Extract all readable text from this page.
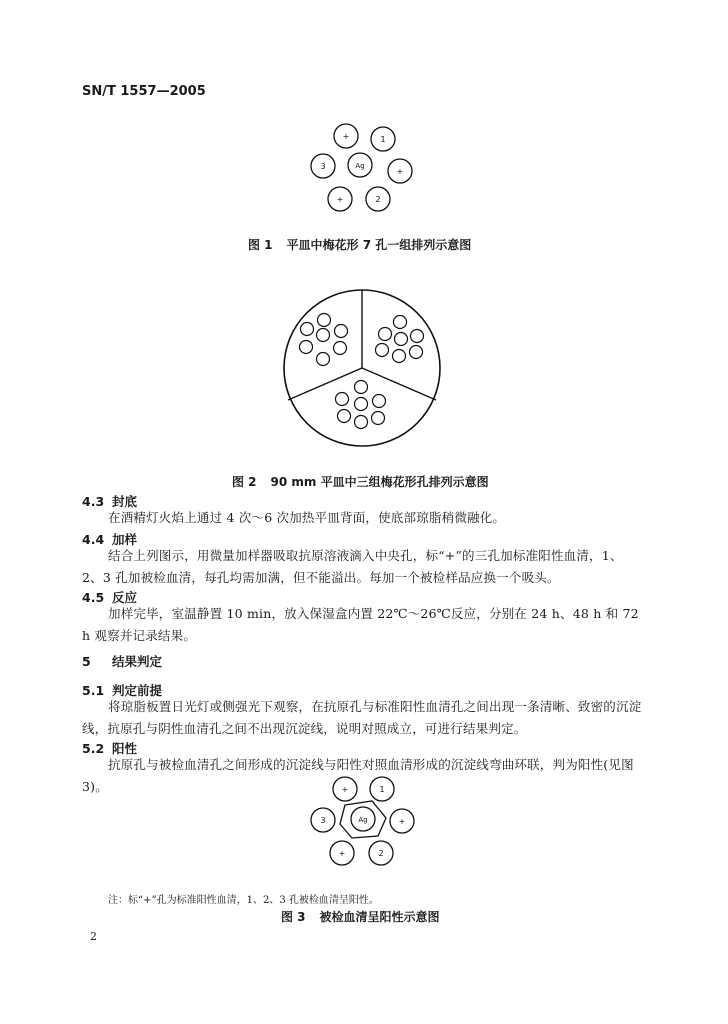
SN/T 1557—2005
+	1
3	Ag
+
+	2
图 1 平皿中梅花形 7 孔一组排列示意图
图 2 90 mm 平皿中三组梅花形孔排列示意图
4.3 封底
在酒精灯火焰上通过 4 次～6 次加热平皿背面，使底部琼脂稍微融化。
4.4 加样
结合上列图示，用微量加样器吸取抗原溶液滴入中央孔，标“+”的三孔加标准阳性血清，1、2、3 孔加被检血清，每孔均需加满，但不能溢出。每加一个被检样品应换一个吸头。
4.5 反应
加样完毕，室温静置 10 min，放入保湿盒内置 22℃～26℃反应，分别在 24 h、48 h 和 72 h 观察并记录结果。
5 结果判定
5.1 判定前提
将琼脂板置日光灯或侧强光下观察，在抗原孔与标准阳性血清孔之间出现一条清晰、致密的沉淀线，抗原孔与阴性血清孔之间不出现沉淀线，说明对照成立，可进行结果判定。
5.2 阳性
抗原孔与被检血清孔之间形成的沉淀线与阳性对照血清形成的沉淀线弯曲环联，判为阳性(见图 3)。	+	1
3	Ag	+
+	2
注：标“+”孔为标准阳性血清，1、2、3 孔被检血清呈阳性。
图 3 被检血清呈阳性示意图
2
